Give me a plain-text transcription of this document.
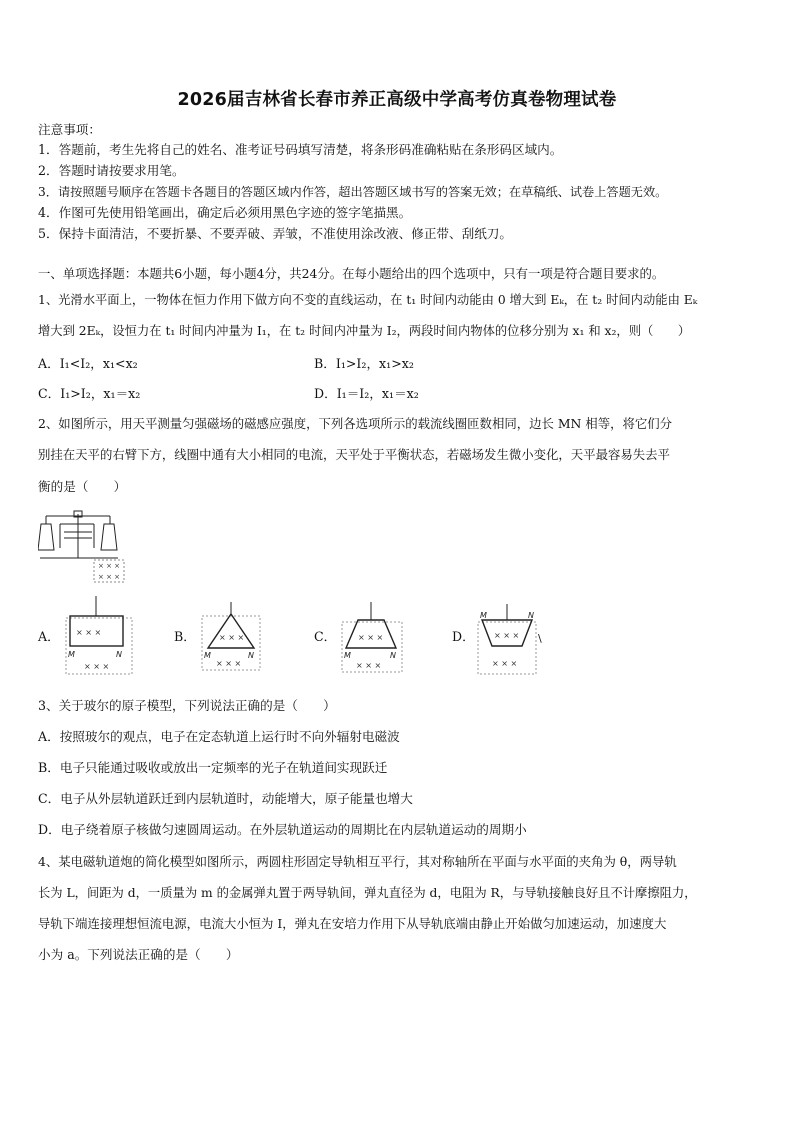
2026届吉林省长春市养正高级中学高考仿真卷物理试卷
注意事项：
1．答题前，考生先将自己的姓名、准考证号码填写清楚，将条形码准确粘贴在条形码区域内。
2．答题时请按要求用笔。
3．请按照题号顺序在答题卡各题目的答题区域内作答，超出答题区域书写的答案无效；在草稿纸、试卷上答题无效。
4．作图可先使用铅笔画出，确定后必须用黑色字迹的签字笔描黑。
5．保持卡面清洁，不要折暴、不要弄破、弄皱，不准使用涂改液、修正带、刮纸刀。
一、单项选择题：本题共6小题，每小题4分，共24分。在每小题给出的四个选项中，只有一项是符合题目要求的。
1、光滑水平面上，一物体在恒力作用下做方向不变的直线运动，在 t₁ 时间内动能由 0 增大到 Eₖ，在 t₂ 时间内动能由 Eₖ
增大到 2Eₖ，设恒力在 t₁ 时间内冲量为 I₁，在 t₂ 时间内冲量为 I₂，两段时间内物体的位移分别为 x₁ 和 x₂，则（　　）
A．I₁<I₂，x₁<x₂	B．I₁>I₂，x₁>x₂
C．I₁>I₂，x₁＝x₂	D．I₁＝I₂，x₁＝x₂
2、如图所示，用天平测量匀强磁场的磁感应强度，下列各选项所示的载流线圈匝数相同，边长 MN 相等，将它们分
别挂在天平的右臂下方，线圈中通有大小相同的电流，天平处于平衡状态，若磁场发生微小变化，天平最容易失去平
衡的是（　　）
× × ×
× × ×
A． × × ×
M	N
× × ×
B．	× × ×
M	N
× × ×
C．	× × ×
M	N
× × ×
D．
M	N
× × ×
× × ×
\
3、关于玻尔的原子模型，下列说法正确的是（　　）
A．按照玻尔的观点，电子在定态轨道上运行时不向外辐射电磁波
B．电子只能通过吸收或放出一定频率的光子在轨道间实现跃迁
C．电子从外层轨道跃迁到内层轨道时，动能增大，原子能量也增大
D．电子绕着原子核做匀速圆周运动。在外层轨道运动的周期比在内层轨道运动的周期小
4、某电磁轨道炮的简化模型如图所示，两圆柱形固定导轨相互平行，其对称轴所在平面与水平面的夹角为 θ，两导轨
长为 L，间距为 d，一质量为 m 的金属弹丸置于两导轨间，弹丸直径为 d，电阻为 R，与导轨接触良好且不计摩擦阻力，
导轨下端连接理想恒流电源，电流大小恒为 I，弹丸在安培力作用下从导轨底端由静止开始做匀加速运动，加速度大
小为 a。下列说法正确的是（　　）
